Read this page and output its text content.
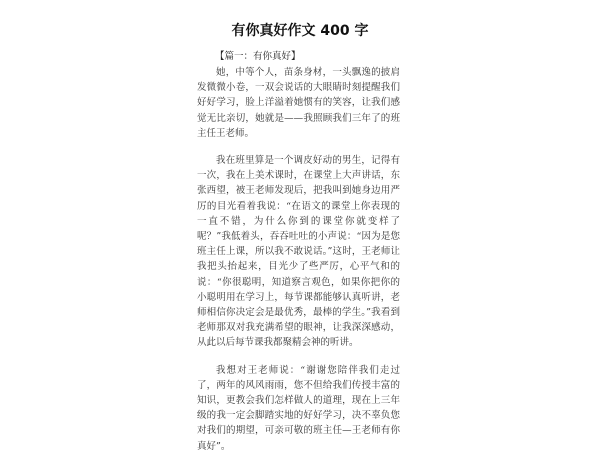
有你真好作文 400 字
【篇一：有你真好】

她，中等个人，苗条身材，一头飘逸的披肩发微微小卷，一双会说话的大眼睛时刻提醒我们好好学习，脸上洋溢着她惯有的笑容，让我们感觉无比亲切，她就是——我照顾我们三年了的班主任王老师。

我在班里算是一个调皮好动的男生，记得有一次，我在上美术课时，在课堂上大声讲话，东张西望，被王老师发现后，把我叫到她身边用严厉的目光看着我说：“在语文的课堂上你表现的一直不错，为什么你到的课堂你就变样了呢？”我低着头，吞吞吐吐的小声说：“因为是您班主任上课，所以我不敢说话。”这时，王老师让我把头抬起来，目光少了些严厉，心平气和的说：“你很聪明，知道察言观色，如果你把你的小聪明用在学习上，每节课都能够认真听讲，老师相信你决定会是最优秀，最棒的学生。”我看到老师那双对我充满希望的眼神，让我深深感动，从此以后每节课我都聚精会神的听讲。

我想对王老师说：“谢谢您陪伴我们走过了，两年的风风雨雨，您不但给我们传授丰富的知识，更教会我们怎样做人的道理，现在上三年级的我一定会脚踏实地的好好学习，决不辜负您对我们的期望，可亲可敬的班主任—王老师有你真好”。
